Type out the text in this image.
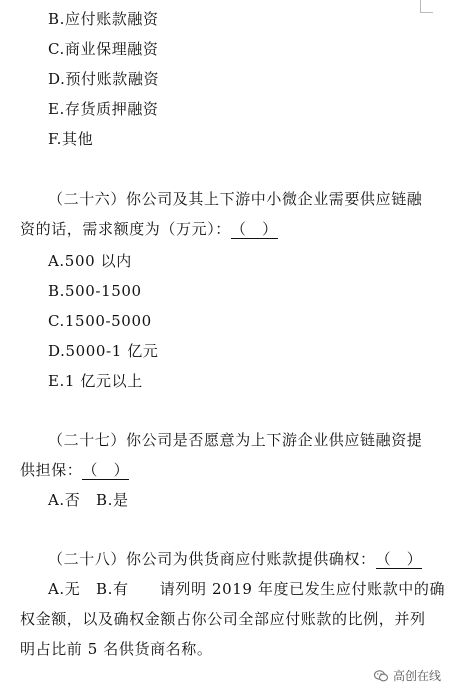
B.应付账款融资
C.商业保理融资
D.预付账款融资
E.存货质押融资
F.其他
（二十六）你公司及其上下游中小微企业需要供应链融
资的话，需求额度为（万元）：（　）
A.500 以内
B.500-1500
C.1500-5000
D.5000-1 亿元
E.1 亿元以上
（二十七）你公司是否愿意为上下游企业供应链融资提
供担保：（　）
A.否　B.是
（二十八）你公司为供货商应付账款提供确权：（　）
A.无　B.有　　请列明 2019 年度已发生应付账款中的确
权金额，以及确权金额占你公司全部应付账款的比例，并列
明占比前 5 名供货商名称。
高创在线
